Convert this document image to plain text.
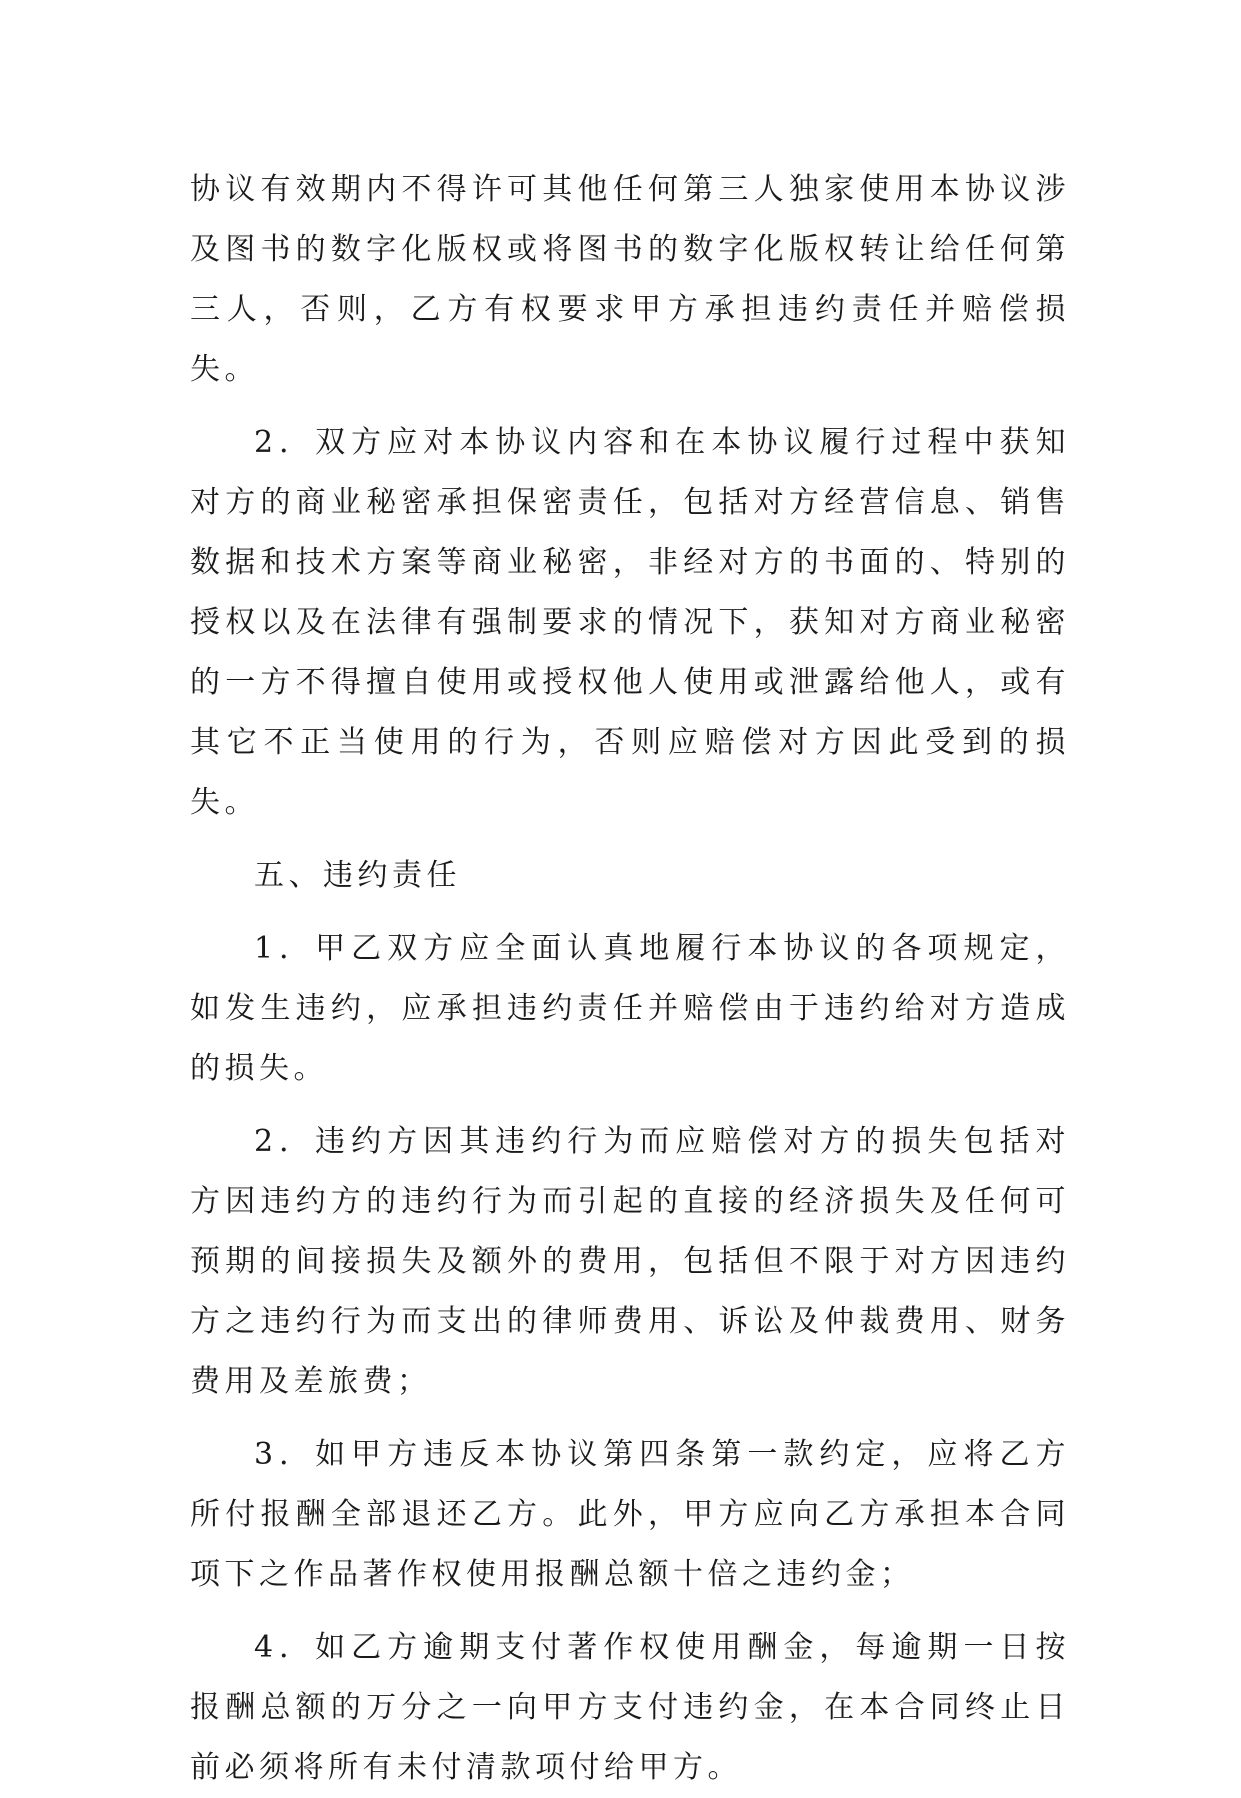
协议有效期内不得许可其他任何第三人独家使用本协议涉及图书的数字化版权或将图书的数字化版权转让给任何第三人，否则，乙方有权要求甲方承担违约责任并赔偿损失。

2．双方应对本协议内容和在本协议履行过程中获知对方的商业秘密承担保密责任，包括对方经营信息、销售数据和技术方案等商业秘密，非经对方的书面的、特别的授权以及在法律有强制要求的情况下，获知对方商业秘密的一方不得擅自使用或授权他人使用或泄露给他人，或有其它不正当使用的行为，否则应赔偿对方因此受到的损失。

五、违约责任

1．甲乙双方应全面认真地履行本协议的各项规定，如发生违约，应承担违约责任并赔偿由于违约给对方造成的损失。

2．违约方因其违约行为而应赔偿对方的损失包括对方因违约方的违约行为而引起的直接的经济损失及任何可预期的间接损失及额外的费用，包括但不限于对方因违约方之违约行为而支出的律师费用、诉讼及仲裁费用、财务费用及差旅费；

3．如甲方违反本协议第四条第一款约定，应将乙方所付报酬全部退还乙方。此外，甲方应向乙方承担本合同项下之作品著作权使用报酬总额十倍之违约金；

4．如乙方逾期支付著作权使用酬金，每逾期一日按报酬总额的万分之一向甲方支付违约金，在本合同终止日前必须将所有未付清款项付给甲方。
